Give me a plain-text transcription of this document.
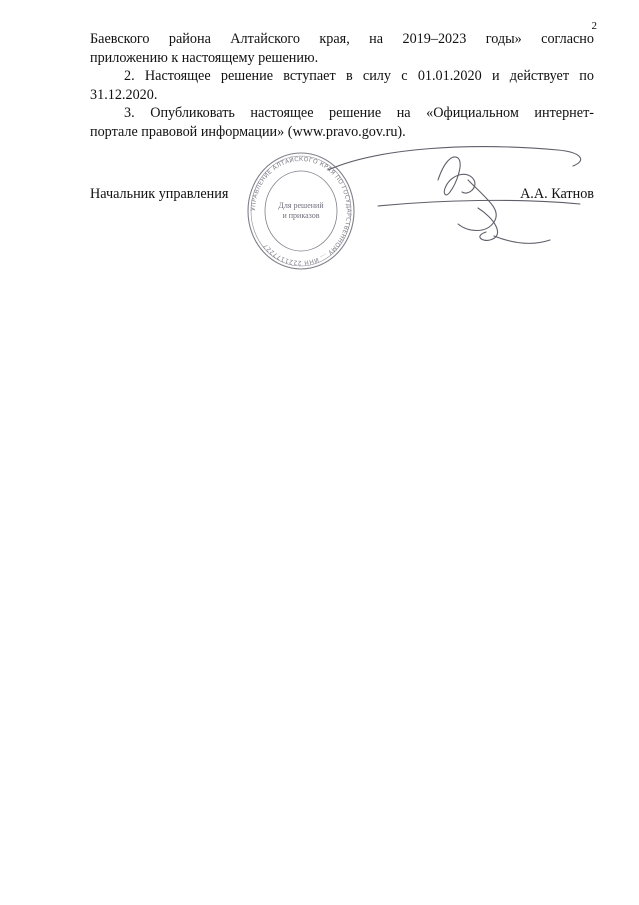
2

Баевского района Алтайского края, на 2019–2023 годы» согласно
приложению к настоящему решению.

2. Настоящее решение вступает в силу с 01.01.2020 и действует по
31.12.2020.

3. Опубликовать настоящее решение на «Официальном интернет-
портале правовой информации» (www.pravo.gov.ru).

УПРАВЛЕНИЕ АЛТАЙСКОГО КРАЯ ПО ГОСУДАРСТВЕННОМУ ... ИНН 2221177227
Для решений
и приказов
Начальник управления	А.А. Катнов
